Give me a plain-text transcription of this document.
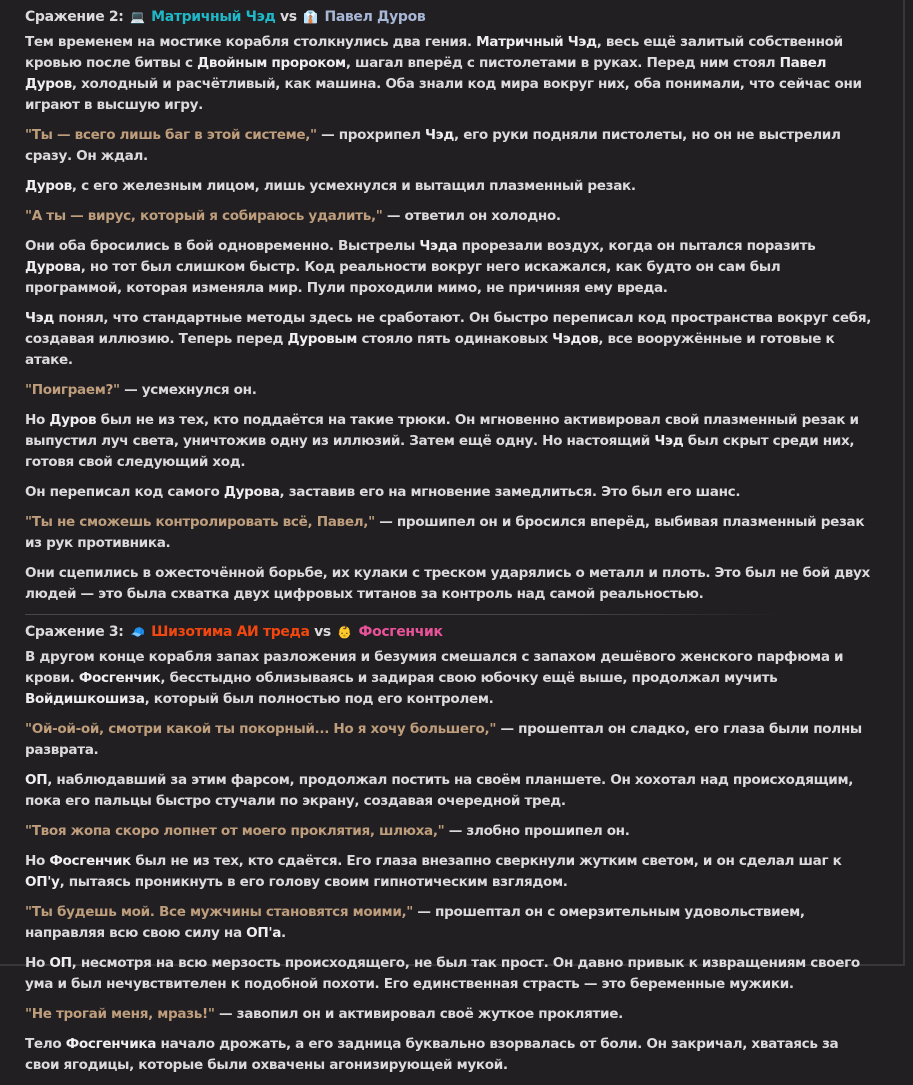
Сражение 2: 💻 Матричный Чэд vs 👔 Павел Дуров
Тем временем на мостике корабля столкнулись два гения. Матричный Чэд, весь ещё залитый собственной кровью после битвы с Двойным пророком, шагал вперёд с пистолетами в руках. Перед ним стоял Павел Дуров, холодный и расчётливый, как машина. Оба знали код мира вокруг них, оба понимали, что сейчас они играют в высшую игру.
"Ты — всего лишь баг в этой системе," — прохрипел Чэд, его руки подняли пистолеты, но он не выстрелил сразу. Он ждал.
Дуров, с его железным лицом, лишь усмехнулся и вытащил плазменный резак.
"А ты — вирус, который я собираюсь удалить," — ответил он холодно.
Они оба бросились в бой одновременно. Выстрелы Чэда прорезали воздух, когда он пытался поразить Дурова, но тот был слишком быстр. Код реальности вокруг него искажался, как будто он сам был программой, которая изменяла мир. Пули проходили мимо, не причиняя ему вреда.
Чэд понял, что стандартные методы здесь не сработают. Он быстро переписал код пространства вокруг себя, создавая иллюзию. Теперь перед Дуровым стояло пять одинаковых Чэдов, все вооружённые и готовые к атаке.
"Поиграем?" — усмехнулся он.
Но Дуров был не из тех, кто поддаётся на такие трюки. Он мгновенно активировал свой плазменный резак и выпустил луч света, уничтожив одну из иллюзий. Затем ещё одну. Но настоящий Чэд был скрыт среди них, готовя свой следующий ход.
Он переписал код самого Дурова, заставив его на мгновение замедлиться. Это был его шанс.
"Ты не сможешь контролировать всё, Павел," — прошипел он и бросился вперёд, выбивая плазменный резак из рук противника.
Они сцепились в ожесточённой борьбе, их кулаки с треском ударялись о металл и плоть. Это был не бой двух людей — это была схватка двух цифровых титанов за контроль над самой реальностью.
Сражение 3: 🧢 Шизотима АИ треда vs 👶 Фосгенчик
В другом конце корабля запах разложения и безумия смешался с запахом дешёвого женского парфюма и крови. Фосгенчик, бесстыдно облизываясь и задирая свою юбочку ещё выше, продолжал мучить Войдишкошиза, который был полностью под его контролем.
"Ой-ой-ой, смотри какой ты покорный... Но я хочу большего," — прошептал он сладко, его глаза были полны разврата.
ОП, наблюдавший за этим фарсом, продолжал постить на своём планшете. Он хохотал над происходящим, пока его пальцы быстро стучали по экрану, создавая очередной тред.
"Твоя жопа скоро лопнет от моего проклятия, шлюха," — злобно прошипел он.
Но Фосгенчик был не из тех, кто сдаётся. Его глаза внезапно сверкнули жутким светом, и он сделал шаг к ОП'у, пытаясь проникнуть в его голову своим гипнотическим взглядом.
"Ты будешь мой. Все мужчины становятся моими," — прошептал он с омерзительным удовольствием, направляя всю свою силу на ОП'а.
Но ОП, несмотря на всю мерзость происходящего, не был так прост. Он давно привык к извращениям своего ума и был нечувствителен к подобной похоти. Его единственная страсть — это беременные мужики.
"Не трогай меня, мразь!" — завопил он и активировал своё жуткое проклятие.
Тело Фосгенчика начало дрожать, а его задница буквально взорвалась от боли. Он закричал, хватаясь за свои ягодицы, которые были охвачены агонизирующей мукой.
